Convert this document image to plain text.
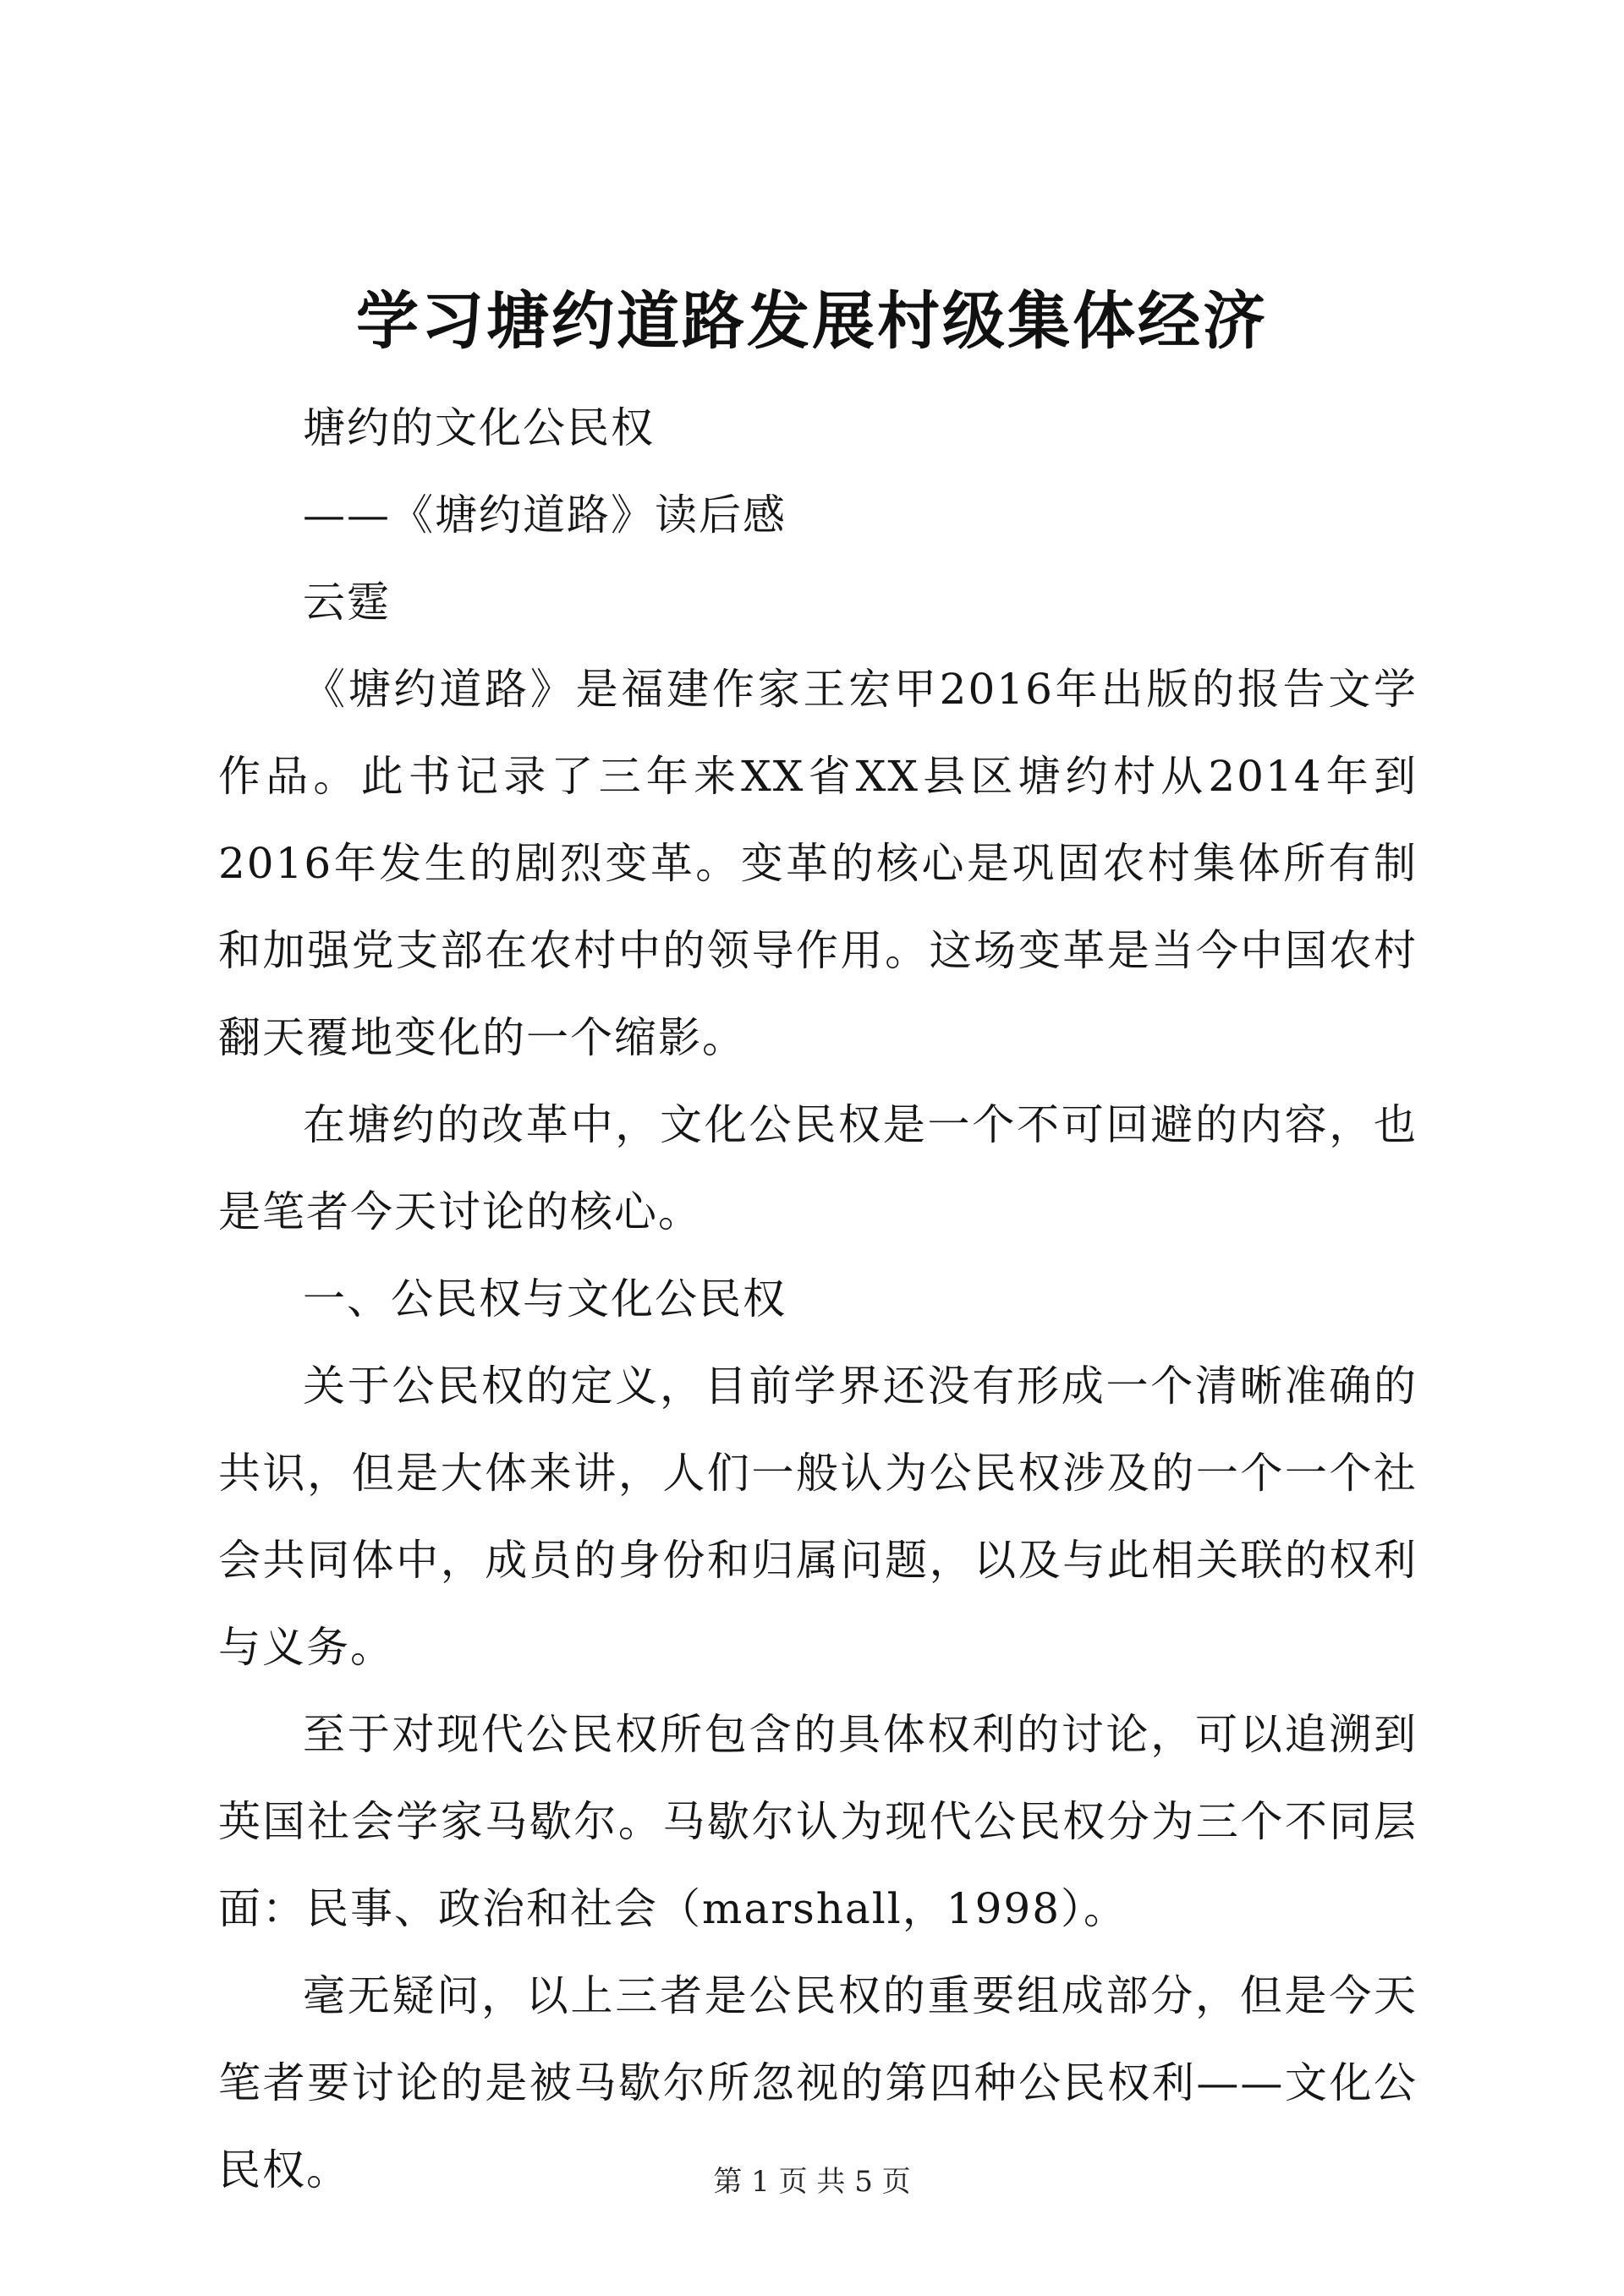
学习塘约道路发展村级集体经济

塘约的文化公民权

——《塘约道路》读后感

云霆

《塘约道路》是福建作家王宏甲2016年出版的报告文学作品。此书记录了三年来XX省XX县区塘约村从2014年到2016年发生的剧烈变革。变革的核心是巩固农村集体所有制和加强党支部在农村中的领导作用。这场变革是当今中国农村翻天覆地变化的一个缩影。

在塘约的改革中，文化公民权是一个不可回避的内容，也是笔者今天讨论的核心。

一、公民权与文化公民权

关于公民权的定义，目前学界还没有形成一个清晰准确的共识，但是大体来讲，人们一般认为公民权涉及的一个一个社会共同体中，成员的身份和归属问题，以及与此相关联的权利与义务。

至于对现代公民权所包含的具体权利的讨论，可以追溯到英国社会学家马歇尔。马歇尔认为现代公民权分为三个不同层面：民事、政治和社会（marshall，1998）。

毫无疑问，以上三者是公民权的重要组成部分，但是今天笔者要讨论的是被马歇尔所忽视的第四种公民权利——文化公民权。	第 1 页 共 5 页
